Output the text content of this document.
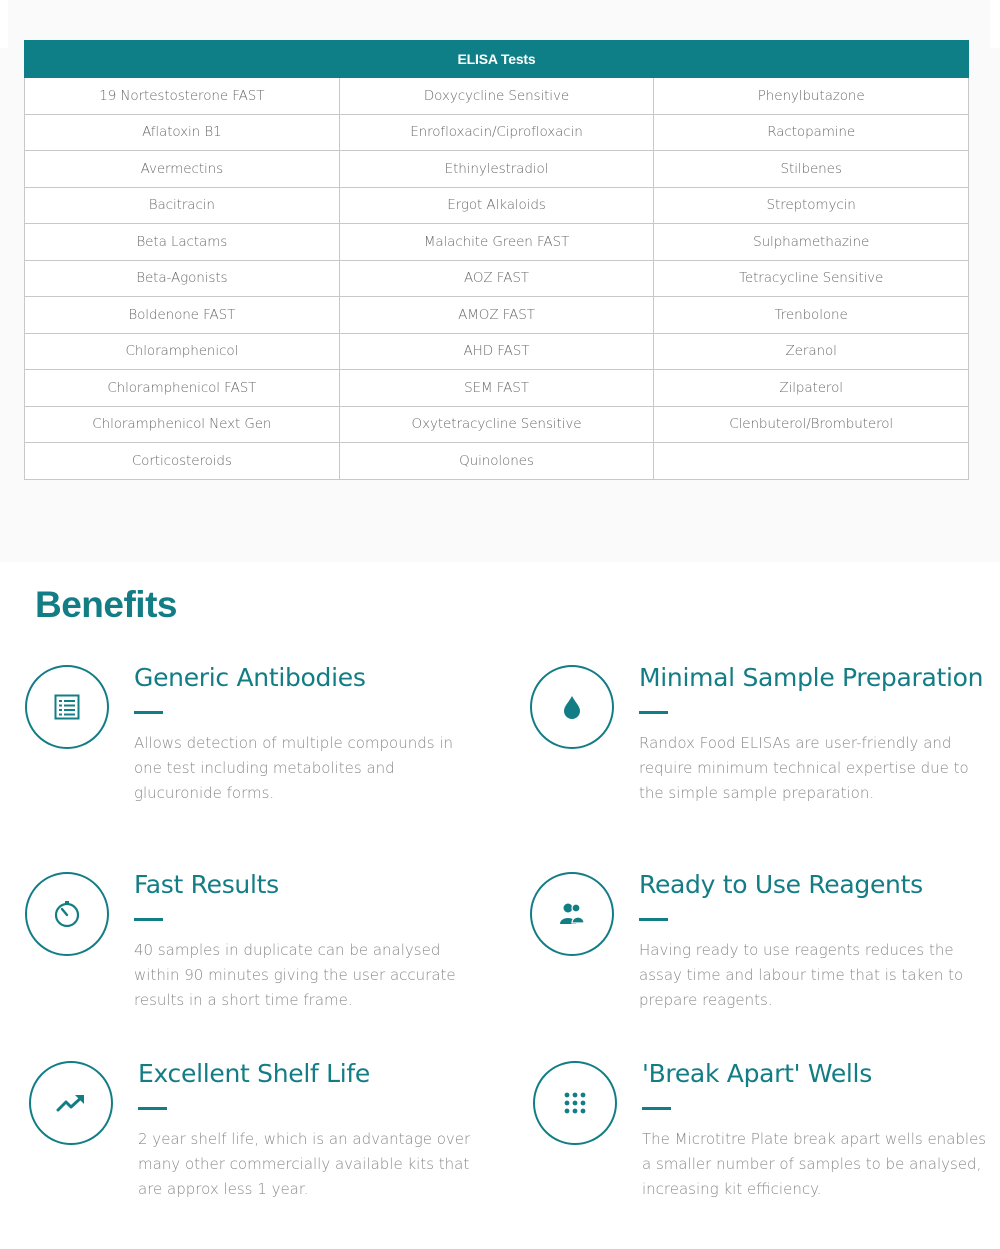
ELISA Tests		
19 Nortestosterone FAST	Doxycycline Sensitive	Phenylbutazone
Aflatoxin B1	Enrofloxacin/Ciprofloxacin	Ractopamine
Avermectins	Ethinylestradiol	Stilbenes
Bacitracin	Ergot Alkaloids	Streptomycin
Beta Lactams	Malachite Green FAST	Sulphamethazine
Beta-Agonists	AOZ FAST	Tetracycline Sensitive
Boldenone FAST	AMOZ FAST	Trenbolone
Chloramphenicol	AHD FAST	Zeranol
Chloramphenicol FAST	SEM FAST	Zilpaterol
Chloramphenicol Next Gen	Oxytetracycline Sensitive	Clenbuterol/Brombuterol
Corticosteroids	Quinolones	
Benefits
Generic Antibodies
Allows detection of multiple compounds in one test including metabolites and glucuronide forms.
Minimal Sample Preparation
Randox Food ELISAs are user-friendly and require minimum technical expertise due to the simple sample preparation.
Fast Results
40 samples in duplicate can be analysed within 90 minutes giving the user accurate results in a short time frame.
Ready to Use Reagents
Having ready to use reagents reduces the assay time and labour time that is taken to prepare reagents.
Excellent Shelf Life
2 year shelf life, which is an advantage over many other commercially available kits that are approx less 1 year.
'Break Apart' Wells
The Microtitre Plate break apart wells enables a smaller number of samples to be analysed, increasing kit efficiency.
